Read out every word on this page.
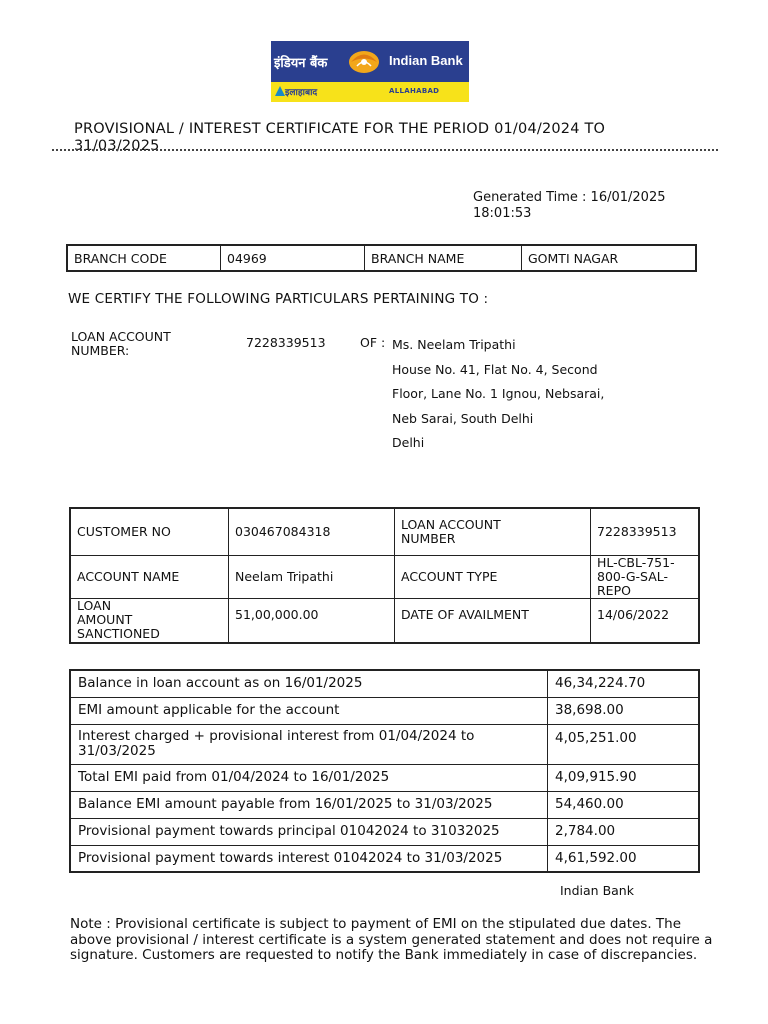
इंडियन बैंक	Indian Bank
इलाहाबाद	ALLAHABAD
PROVISIONAL / INTEREST CERTIFICATE FOR THE PERIOD 01/04/2024 TO 31/03/2025
Generated Time : 16/01/2025 18:01:53
BRANCH CODE	04969	BRANCH NAME	GOMTI NAGAR
WE CERTIFY THE FOLLOWING PARTICULARS PERTAINING TO :
LOAN ACCOUNT NUMBER:
7228339513	OF : Ms. Neelam Tripathi
House No. 41, Flat No. 4, Second
Floor, Lane No. 1 Ignou, Nebsarai,
Neb Sarai, South Delhi
Delhi
CUSTOMER NO	030467084318	LOAN ACCOUNT NUMBER	7228339513
ACCOUNT NAME	Neelam Tripathi	ACCOUNT TYPE	HL-CBL-751-800-G-SAL- REPO
LOAN AMOUNT SANCTIONED	51,00,000.00	DATE OF AVAILMENT	14/06/2022
Balance in loan account as on 16/01/2025	46,34,224.70
EMI amount applicable for the account	38,698.00
Interest charged + provisional interest from 01/04/2024 to 31/03/2025	4,05,251.00
Total EMI paid from 01/04/2024 to 16/01/2025	4,09,915.90
Balance EMI amount payable from 16/01/2025 to 31/03/2025	54,460.00
Provisional payment towards principal 01042024 to 31032025	2,784.00
Provisional payment towards interest 01042024 to 31/03/2025	4,61,592.00
Indian Bank
Note : Provisional certificate is subject to payment of EMI on the stipulated due dates. The above provisional / interest certificate is a system generated statement and does not require a signature. Customers are requested to notify the Bank immediately in case of discrepancies.
